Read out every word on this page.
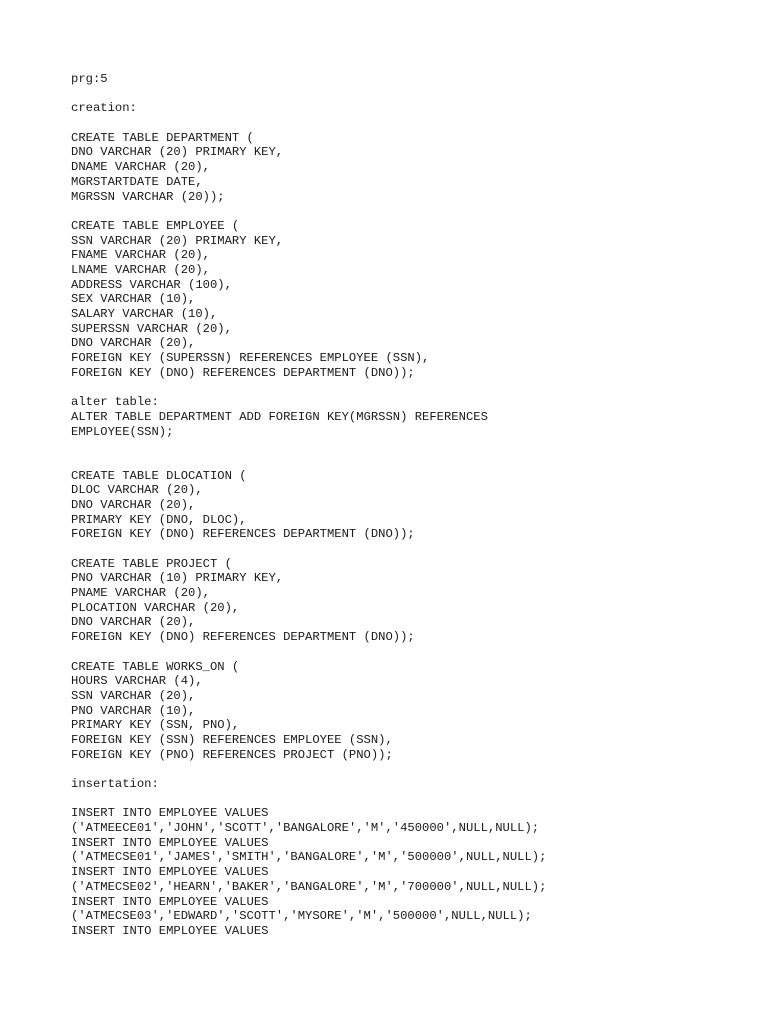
prg:5
creation:
CREATE TABLE DEPARTMENT (
DNO VARCHAR (20) PRIMARY KEY,
DNAME VARCHAR (20),
MGRSTARTDATE DATE,
MGRSSN VARCHAR (20));
CREATE TABLE EMPLOYEE (
SSN VARCHAR (20) PRIMARY KEY,
FNAME VARCHAR (20),
LNAME VARCHAR (20),
ADDRESS VARCHAR (100),
SEX VARCHAR (10),
SALARY VARCHAR (10),
SUPERSSN VARCHAR (20),
DNO VARCHAR (20),
FOREIGN KEY (SUPERSSN) REFERENCES EMPLOYEE (SSN),
FOREIGN KEY (DNO) REFERENCES DEPARTMENT (DNO));
alter table:
ALTER TABLE DEPARTMENT ADD FOREIGN KEY(MGRSSN) REFERENCES
EMPLOYEE(SSN);
CREATE TABLE DLOCATION (
DLOC VARCHAR (20),
DNO VARCHAR (20),
PRIMARY KEY (DNO, DLOC),
FOREIGN KEY (DNO) REFERENCES DEPARTMENT (DNO));
CREATE TABLE PROJECT (
PNO VARCHAR (10) PRIMARY KEY,
PNAME VARCHAR (20),
PLOCATION VARCHAR (20),
DNO VARCHAR (20),
FOREIGN KEY (DNO) REFERENCES DEPARTMENT (DNO));
CREATE TABLE WORKS_ON (
HOURS VARCHAR (4),
SSN VARCHAR (20),
PNO VARCHAR (10),
PRIMARY KEY (SSN, PNO),
FOREIGN KEY (SSN) REFERENCES EMPLOYEE (SSN),
FOREIGN KEY (PNO) REFERENCES PROJECT (PNO));
insertation:
INSERT INTO EMPLOYEE VALUES
('ATMEECE01','JOHN','SCOTT','BANGALORE','M','450000',NULL,NULL);
INSERT INTO EMPLOYEE VALUES
('ATMECSE01','JAMES','SMITH','BANGALORE','M','500000',NULL,NULL);
INSERT INTO EMPLOYEE VALUES
('ATMECSE02','HEARN','BAKER','BANGALORE','M','700000',NULL,NULL);
INSERT INTO EMPLOYEE VALUES
('ATMECSE03','EDWARD','SCOTT','MYSORE','M','500000',NULL,NULL);
INSERT INTO EMPLOYEE VALUES
